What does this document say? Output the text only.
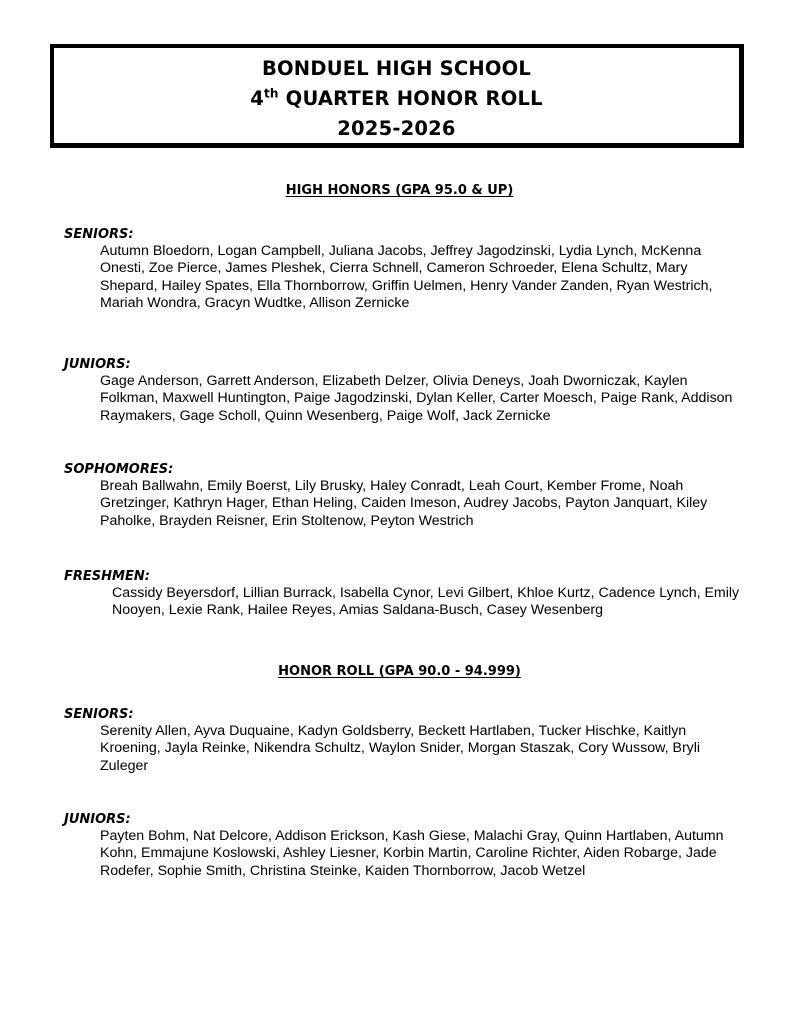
BONDUEL HIGH SCHOOL
4th QUARTER HONOR ROLL
2025-2026
HIGH HONORS (GPA 95.0 & UP)
SENIORS:
Autumn Bloedorn, Logan Campbell, Juliana Jacobs, Jeffrey Jagodzinski, Lydia Lynch, McKenna Onesti, Zoe Pierce, James Pleshek, Cierra Schnell, Cameron Schroeder, Elena Schultz, Mary Shepard, Hailey Spates, Ella Thornborrow, Griffin Uelmen, Henry Vander Zanden, Ryan Westrich, Mariah Wondra, Gracyn Wudtke, Allison Zernicke
JUNIORS:
Gage Anderson, Garrett Anderson, Elizabeth Delzer, Olivia Deneys, Joah Dworniczak, Kaylen Folkman, Maxwell Huntington, Paige Jagodzinski, Dylan Keller, Carter Moesch, Paige Rank, Addison Raymakers, Gage Scholl, Quinn Wesenberg, Paige Wolf, Jack Zernicke
SOPHOMORES:
Breah Ballwahn, Emily Boerst, Lily Brusky, Haley Conradt, Leah Court, Kember Frome, Noah Gretzinger, Kathryn Hager, Ethan Heling, Caiden Imeson, Audrey Jacobs, Payton Janquart, Kiley Paholke, Brayden Reisner, Erin Stoltenow, Peyton Westrich
FRESHMEN:
Cassidy Beyersdorf, Lillian Burrack, Isabella Cynor, Levi Gilbert, Khloe Kurtz, Cadence Lynch, Emily Nooyen, Lexie Rank, Hailee Reyes, Amias Saldana-Busch, Casey Wesenberg
HONOR ROLL (GPA 90.0 - 94.999)
SENIORS:
Serenity Allen, Ayva Duquaine, Kadyn Goldsberry, Beckett Hartlaben, Tucker Hischke, Kaitlyn Kroening, Jayla Reinke, Nikendra Schultz, Waylon Snider, Morgan Staszak, Cory Wussow, Bryli Zuleger
JUNIORS:
Payten Bohm, Nat Delcore, Addison Erickson, Kash Giese, Malachi Gray, Quinn Hartlaben, Autumn Kohn, Emmajune Koslowski, Ashley Liesner, Korbin Martin, Caroline Richter, Aiden Robarge, Jade Rodefer, Sophie Smith, Christina Steinke, Kaiden Thornborrow, Jacob Wetzel
